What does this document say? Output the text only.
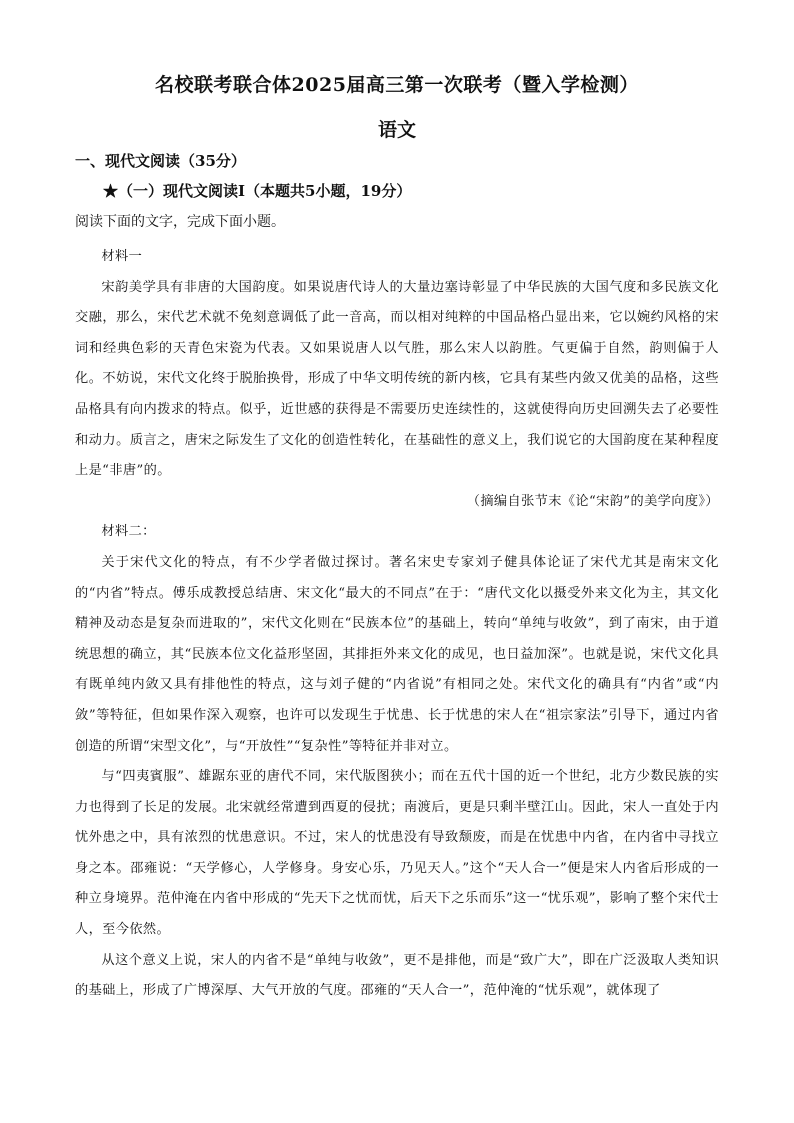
名校联考联合体2025届高三第一次联考（暨入学检测）
语文
一、现代文阅读（35分）
★（一）现代文阅读Ⅰ（本题共5小题，19分）
阅读下面的文字，完成下面小题。

材料一

宋韵美学具有非唐的大国韵度。如果说唐代诗人的大量边塞诗彰显了中华民族的大国气度和多民族文化交融，那么，宋代艺术就不免刻意调低了此一音高，而以相对纯粹的中国品格凸显出来，它以婉约风格的宋词和经典色彩的天青色宋瓷为代表。又如果说唐人以气胜，那么宋人以韵胜。气更偏于自然，韵则偏于人化。不妨说，宋代文化终于脱胎换骨，形成了中华文明传统的新内核，它具有某些内敛又优美的品格，这些品格具有向内拨求的特点。似乎，近世感的获得是不需要历史连续性的，这就使得向历史回溯失去了必要性和动力。质言之，唐宋之际发生了文化的创造性转化，在基础性的意义上，我们说它的大国韵度在某种程度上是“非唐”的。

（摘编自张节末《论“宋韵”的美学向度》）

材料二：

关于宋代文化的特点，有不少学者做过探讨。著名宋史专家刘子健具体论证了宋代尤其是南宋文化的“内省”特点。傅乐成教授总结唐、宋文化“最大的不同点”在于：“唐代文化以摄受外来文化为主，其文化精神及动态是复杂而进取的”，宋代文化则在“民族本位”的基础上，转向“单纯与收敛”，到了南宋，由于道统思想的确立，其“民族本位文化益形坚固，其排拒外来文化的成见，也日益加深”。也就是说，宋代文化具有既单纯内敛又具有排他性的特点，这与刘子健的“内省说”有相同之处。宋代文化的确具有“内省”或“内敛”等特征，但如果作深入观察，也许可以发现生于忧患、长于忧患的宋人在“祖宗家法”引导下，通过内省创造的所谓“宋型文化”，与“开放性”“复杂性”等特征并非对立。

与“四夷賓服”、雄踞东亚的唐代不同，宋代版图狭小；而在五代十国的近一个世纪，北方少数民族的实力也得到了长足的发展。北宋就经常遭到西夏的侵扰；南渡后，更是只剩半壁江山。因此，宋人一直处于内忧外患之中，具有浓烈的忧患意识。不过，宋人的忧患没有导致颓废，而是在忧患中内省，在内省中寻找立身之本。邵雍说：“天学修心，人学修身。身安心乐，乃见天人。”这个“天人合一”便是宋人内省后形成的一种立身境界。范仲淹在内省中形成的“先天下之忧而忧，后天下之乐而乐”这一“忧乐观”，影响了整个宋代士人，至今依然。

从这个意义上说，宋人的内省不是“单纯与收敛”，更不是排他，而是“致广大”，即在广泛汲取人类知识的基础上，形成了广博深厚、大气开放的气度。邵雍的“天人合一”，范仲淹的“忧乐观”，就体现了
